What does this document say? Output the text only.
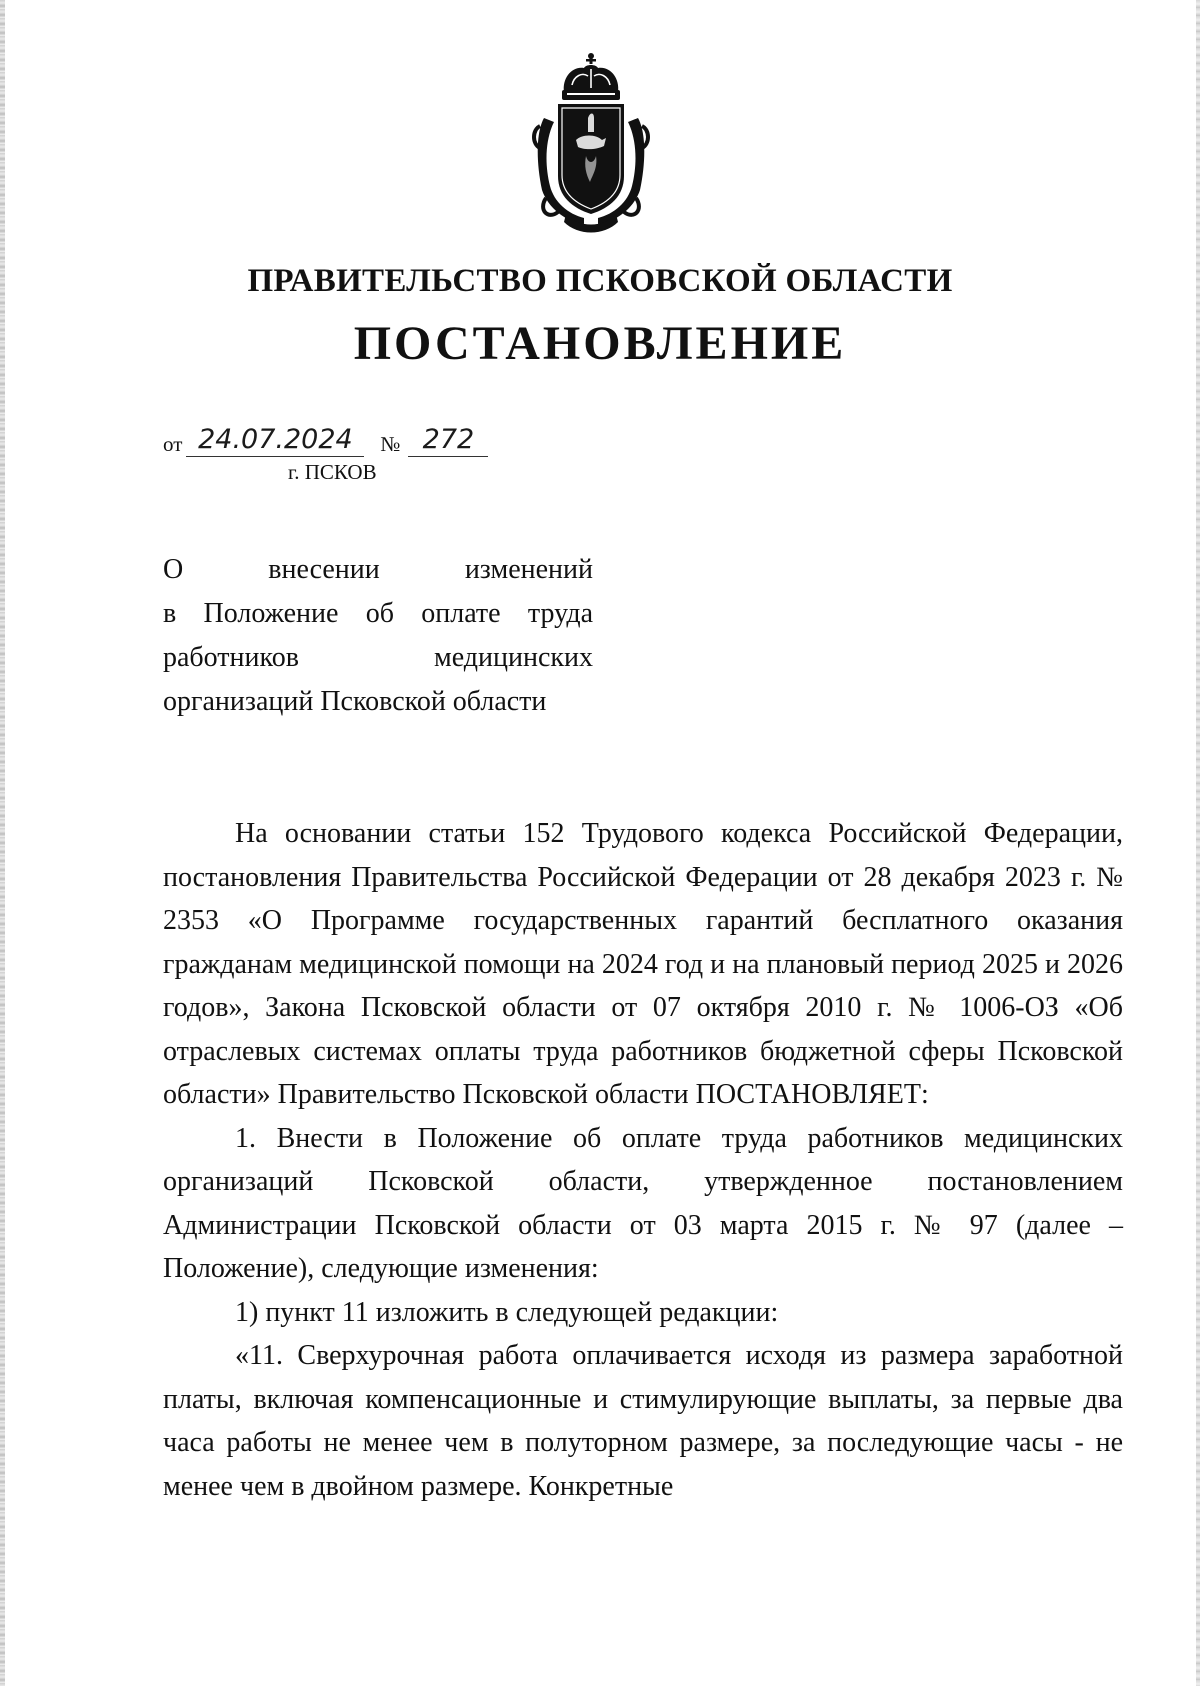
ПРАВИТЕЛЬСТВО ПСКОВСКОЙ ОБЛАСТИ
ПОСТАНОВЛЕНИЕ
от 24.07.2024 № 272
г. ПСКОВ
О внесении изменений
в Положение об оплате труда
работников медицинских
организаций Псковской области

На основании статьи 152 Трудового кодекса Российской Федерации, постановления Правительства Российской Федерации от 28 декабря 2023 г. № 2353 «О Программе государственных гарантий бесплатного оказания гражданам медицинской помощи на 2024 год и на плановый период 2025 и 2026 годов», Закона Псковской области от 07 октября 2010 г. № 1006-ОЗ «Об отраслевых системах оплаты труда работников бюджетной сферы Псковской области» Правительство Псковской области ПОСТАНОВЛЯЕТ:

1. Внести в Положение об оплате труда работников медицинских организаций Псковской области, утвержденное постановлением Администрации Псковской области от 03 марта 2015 г. № 97 (далее – Положение), следующие изменения:

1) пункт 11 изложить в следующей редакции:

«11. Сверхурочная работа оплачивается исходя из размера заработной платы, включая компенсационные и стимулирующие выплаты, за первые два часа работы не менее чем в полуторном размере, за последующие часы - не менее чем в двойном размере. Конкретные
